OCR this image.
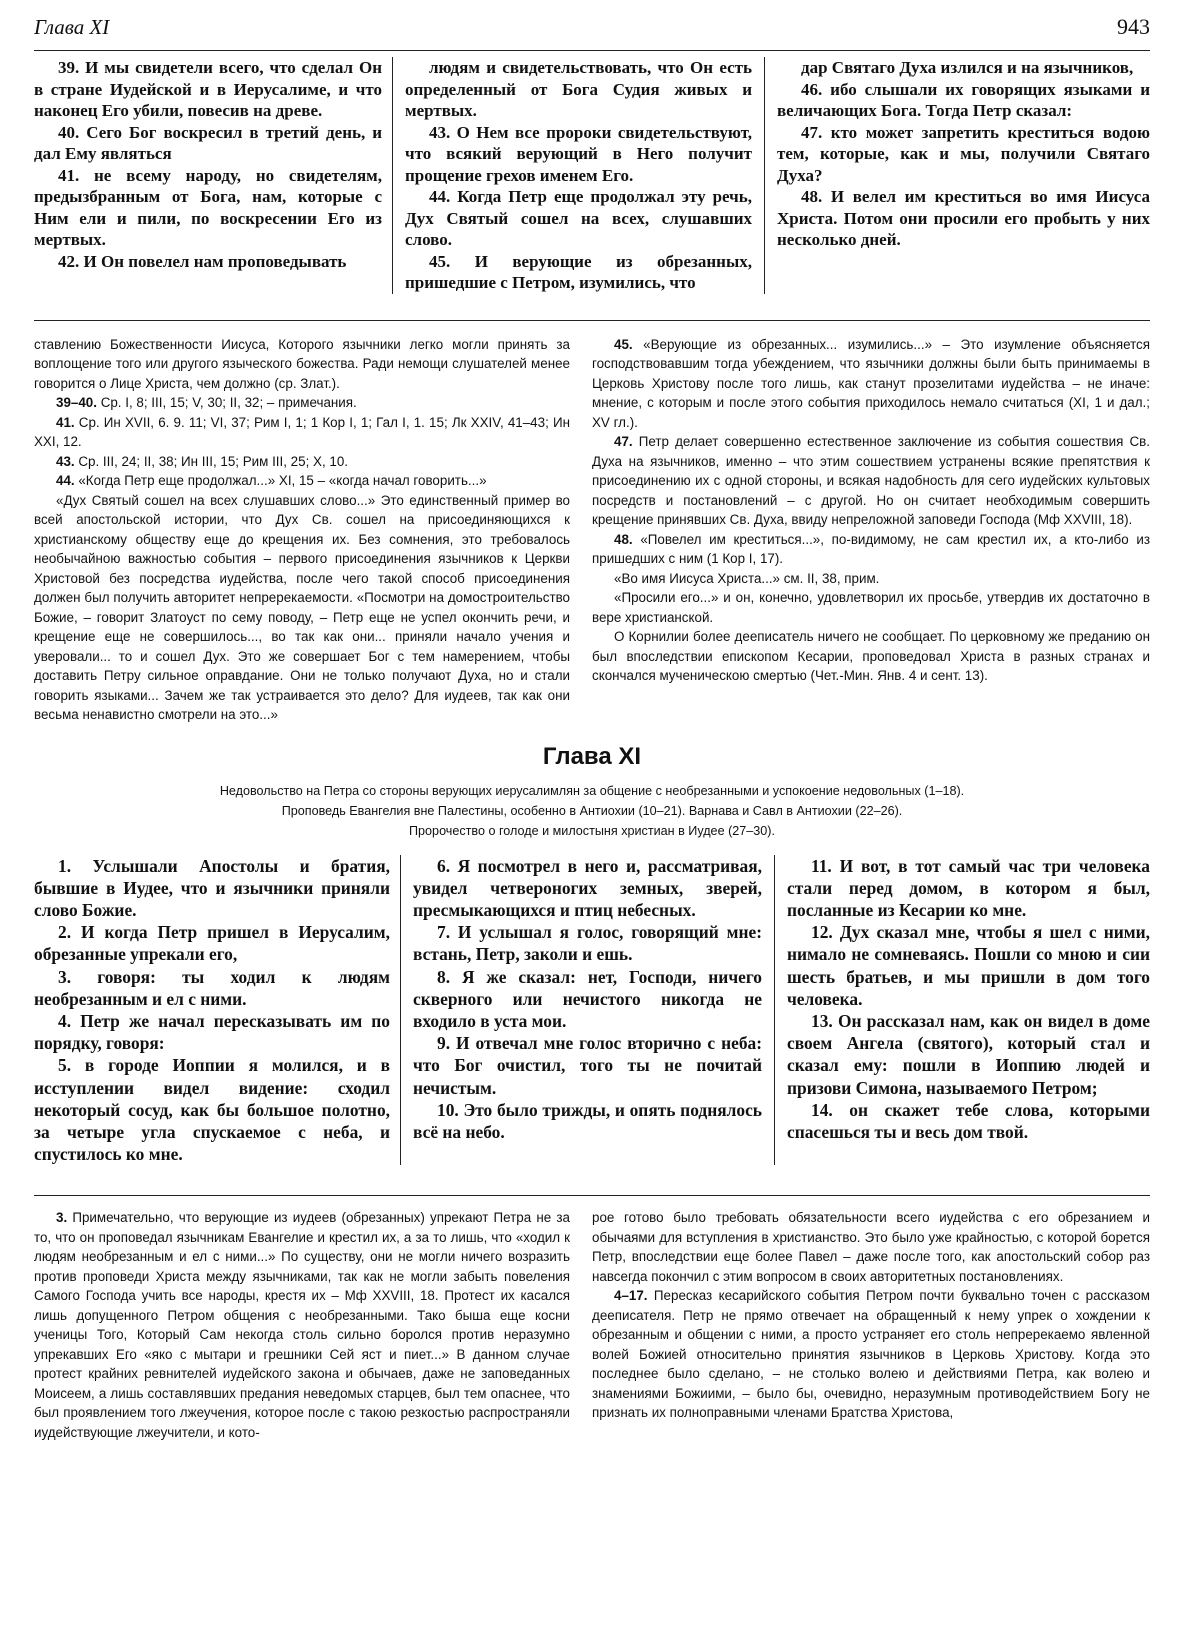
Глава XI	943

39. И мы свидетели всего, что сделал Он в стране Иудейской и в Иерусалиме, и что наконец Его убили, повесив на древе.

40. Сего Бог воскресил в третий день, и дал Ему являться

41. не всему народу, но свидетелям, предызбранным от Бога, нам, которые с Ним ели и пили, по воскресении Его из мертвых.

42. И Он повелел нам проповедывать

людям и свидетельствовать, что Он есть определенный от Бога Судия живых и мертвых.

43. О Нем все пророки свидетельствуют, что всякий верующий в Него получит прощение грехов именем Его.

44. Когда Петр еще продолжал эту речь, Дух Святый сошел на всех, слушавших слово.

45. И верующие из обрезанных, пришедшие с Петром, изумились, что

дар Святаго Духа излился и на язычников,

46. ибо слышали их говорящих языками и величающих Бога. Тогда Петр сказал:

47. кто может запретить креститься водою тем, которые, как и мы, получили Святаго Духа?

48. И велел им креститься во имя Иисуса Христа. Потом они просили его пробыть у них несколько дней.

ставлению Божественности Иисуса, Которого язычники легко могли принять за воплощение того или другого языческого божества. Ради немощи слушателей менее говорится о Лице Христа, чем должно (ср. Злат.).

39–40. Ср. I, 8; III, 15; V, 30; II, 32; – примечания.

41. Ср. Ин XVII, 6. 9. 11; VI, 37; Рим I, 1; 1 Кор I, 1; Гал I, 1. 15; Лк XXIV, 41–43; Ин XXI, 12.

43. Ср. III, 24; II, 38; Ин III, 15; Рим III, 25; Х, 10.

44. «Когда Петр еще продолжал...» XI, 15 – «когда начал говорить...»

«Дух Святый сошел на всех слушавших слово...» Это единственный пример во всей апостольской истории, что Дух Св. сошел на присоединяющихся к христианскому обществу еще до крещения их. Без сомнения, это требовалось необычайною важностью события – первого присоединения язычников к Церкви Христовой без посредства иудейства, после чего такой способ присоединения должен был получить авторитет непререкаемости. «Посмотри на домостроительство Божие, – говорит Златоуст по сему поводу, – Петр еще не успел окончить речи, и крещение еще не совершилось..., во так как они... приняли начало учения и уверовали... то и сошел Дух. Это же совершает Бог с тем намерением, чтобы доставить Петру сильное оправдание. Они не только получают Духа, но и стали говорить языками... Зачем же так устраивается это дело? Для иудеев, так как они весьма ненавистно смотрели на это...»

45. «Верующие из обрезанных... изумились...» – Это изумление объясняется господствовавшим тогда убеждением, что язычники должны были быть принимаемы в Церковь Христову после того лишь, как станут прозелитами иудейства – не иначе: мнение, с которым и после этого события приходилось немало считаться (XI, 1 и дал.; XV гл.).

47. Петр делает совершенно естественное заключение из события сошествия Св. Духа на язычников, именно – что этим сошествием устранены всякие препятствия к присоединению их с одной стороны, и всякая надобность для сего иудейских культовых посредств и постановлений – с другой. Но он считает необходимым совершить крещение принявших Св. Духа, ввиду непреложной заповеди Господа (Мф XXVIII, 18).

48. «Повелел им креститься...», по-видимому, не сам крестил их, а кто-либо из пришедших с ним (1 Кор I, 17).

«Во имя Иисуса Христа...» см. II, 38, прим.

«Просили его...» и он, конечно, удовлетворил их просьбе, утвердив их достаточно в вере христианской.

О Корнилии более дееписатель ничего не сообщает. По церковному же преданию он был впоследствии епископом Кесарии, проповедовал Христа в разных странах и скончался мученическою смертью (Чет.-Мин. Янв. 4 и сент. 13).

Глава XI
Недовольство на Петра со стороны верующих иерусалимлян за общение с необрезанными и успокоение недовольных (1–18).
Проповедь Евангелия вне Палестины, особенно в Антиохии (10–21). Варнава и Савл в Антиохии (22–26).
Пророчество о голоде и милостыня христиан в Иудее (27–30).

1. Услышали Апостолы и братия, бывшие в Иудее, что и язычники приняли слово Божие.

2. И когда Петр пришел в Иерусалим, обрезанные упрекали его,

3. говоря: ты ходил к людям необрезанным и ел с ними.

4. Петр же начал пересказывать им по порядку, говоря:

5. в городе Иоппии я молился, и в исступлении видел видение: сходил некоторый сосуд, как бы большое полотно, за четыре угла спускаемое с неба, и спустилось ко мне.

6. Я посмотрел в него и, рассматривая, увидел четвероногих земных, зверей, пресмыкающихся и птиц небесных.

7. И услышал я голос, говорящий мне: встань, Петр, заколи и ешь.

8. Я же сказал: нет, Господи, ничего скверного или нечистого никогда не входило в уста мои.

9. И отвечал мне голос вторично с неба: что Бог очистил, того ты не почитай нечистым.

10. Это было трижды, и опять поднялось всё на небо.

11. И вот, в тот самый час три человека стали перед домом, в котором я был, посланные из Кесарии ко мне.

12. Дух сказал мне, чтобы я шел с ними, нимало не сомневаясь. Пошли со мною и сии шесть братьев, и мы пришли в дом того человека.

13. Он рассказал нам, как он видел в доме своем Ангела (святого), который стал и сказал ему: пошли в Иоппию людей и призови Симона, называемого Петром;

14. он скажет тебе слова, которыми спасешься ты и весь дом твой.

3. Примечательно, что верующие из иудеев (обрезанных) упрекают Петра не за то, что он проповедал язычникам Евангелие и крестил их, а за то лишь, что «ходил к людям необрезанным и ел с ними...» По существу, они не могли ничего возразить против проповеди Христа между язычниками, так как не могли забыть повеления Самого Господа учить все народы, крестя их – Мф XXVIII, 18. Протест их касался лишь допущенного Петром общения с необрезанными. Тако быша еще косни ученицы Того, Который Сам некогда столь сильно боролся против неразумно упрекавших Его «яко с мытари и грешники Сей яст и пиет...» В данном случае протест крайних ревнителей иудейского закона и обычаев, даже не заповеданных Моисеем, а лишь составлявших предания неведомых старцев, был тем опаснее, что был проявлением того лжеучения, которое после с такою резкостью распространяли иудействующие лжеучители, и кото-

рое готово было требовать обязательности всего иудейства с его обрезанием и обычаями для вступления в христианство. Это было уже крайностью, с которой борется Петр, впоследствии еще более Павел – даже после того, как апостольский собор раз навсегда покончил с этим вопросом в своих авторитетных постановлениях.

4–17. Пересказ кесарийского события Петром почти буквально точен с рассказом дееписателя. Петр не прямо отвечает на обращенный к нему упрек о хождении к обрезанным и общении с ними, а просто устраняет его столь непререкаемо явленной волей Божией относительно принятия язычников в Церковь Христову. Когда это последнее было сделано, – не столько волею и действиями Петра, как волею и знамениями Божиими, – было бы, очевидно, неразумным противодействием Богу не признать их полноправными членами Братства Христова,
